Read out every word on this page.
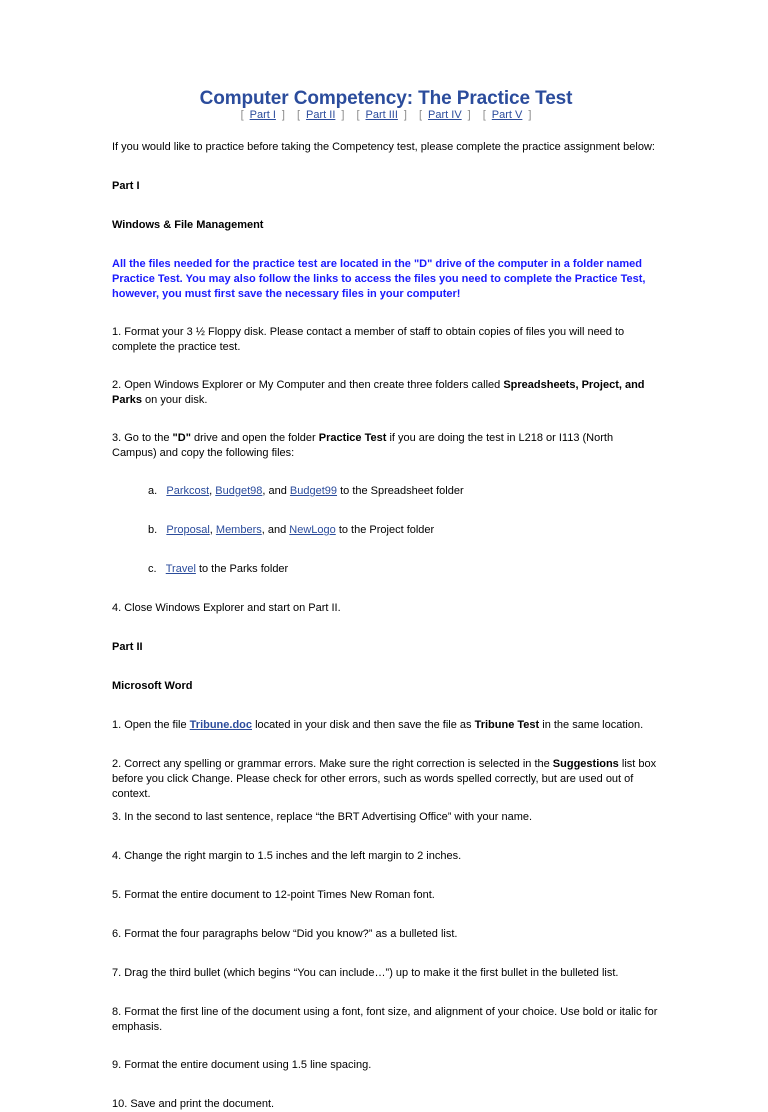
Computer Competency: The Practice Test
[ Part I ] [ Part II ] [ Part III ] [ Part IV ] [ Part V ]
If you would like to practice before taking the Competency test, please complete the practice assignment below:
Part I
Windows & File Management
All the files needed for the practice test are located in the "D" drive of the computer in a folder named Practice Test. You may also follow the links to access the files you need to complete the Practice Test, however, you must first save the necessary files in your computer!
1. Format your 3 ½ Floppy disk. Please contact a member of staff to obtain copies of files you will need to complete the practice test.
2. Open Windows Explorer or My Computer and then create three folders called Spreadsheets, Project, and Parks on your disk.
3. Go to the "D" drive and open the folder Practice Test if you are doing the test in L218 or I113 (North Campus) and copy the following files:
a. Parkcost, Budget98, and Budget99 to the Spreadsheet folder
b. Proposal, Members, and NewLogo to the Project folder
c. Travel to the Parks folder
4. Close Windows Explorer and start on Part II.
Part II
Microsoft Word
1. Open the file Tribune.doc located in your disk and then save the file as Tribune Test in the same location.
2. Correct any spelling or grammar errors. Make sure the right correction is selected in the Suggestions list box before you click Change. Please check for other errors, such as words spelled correctly, but are used out of context.
3. In the second to last sentence, replace “the BRT Advertising Office” with your name.
4. Change the right margin to 1.5 inches and the left margin to 2 inches.
5. Format the entire document to 12-point Times New Roman font.
6. Format the four paragraphs below “Did you know?” as a bulleted list.
7. Drag the third bullet (which begins “You can include…”) up to make it the first bullet in the bulleted list.
8. Format the first line of the document using a font, font size, and alignment of your choice. Use bold or italic for emphasis.
9. Format the entire document using 1.5 line spacing.
10. Save and print the document.
